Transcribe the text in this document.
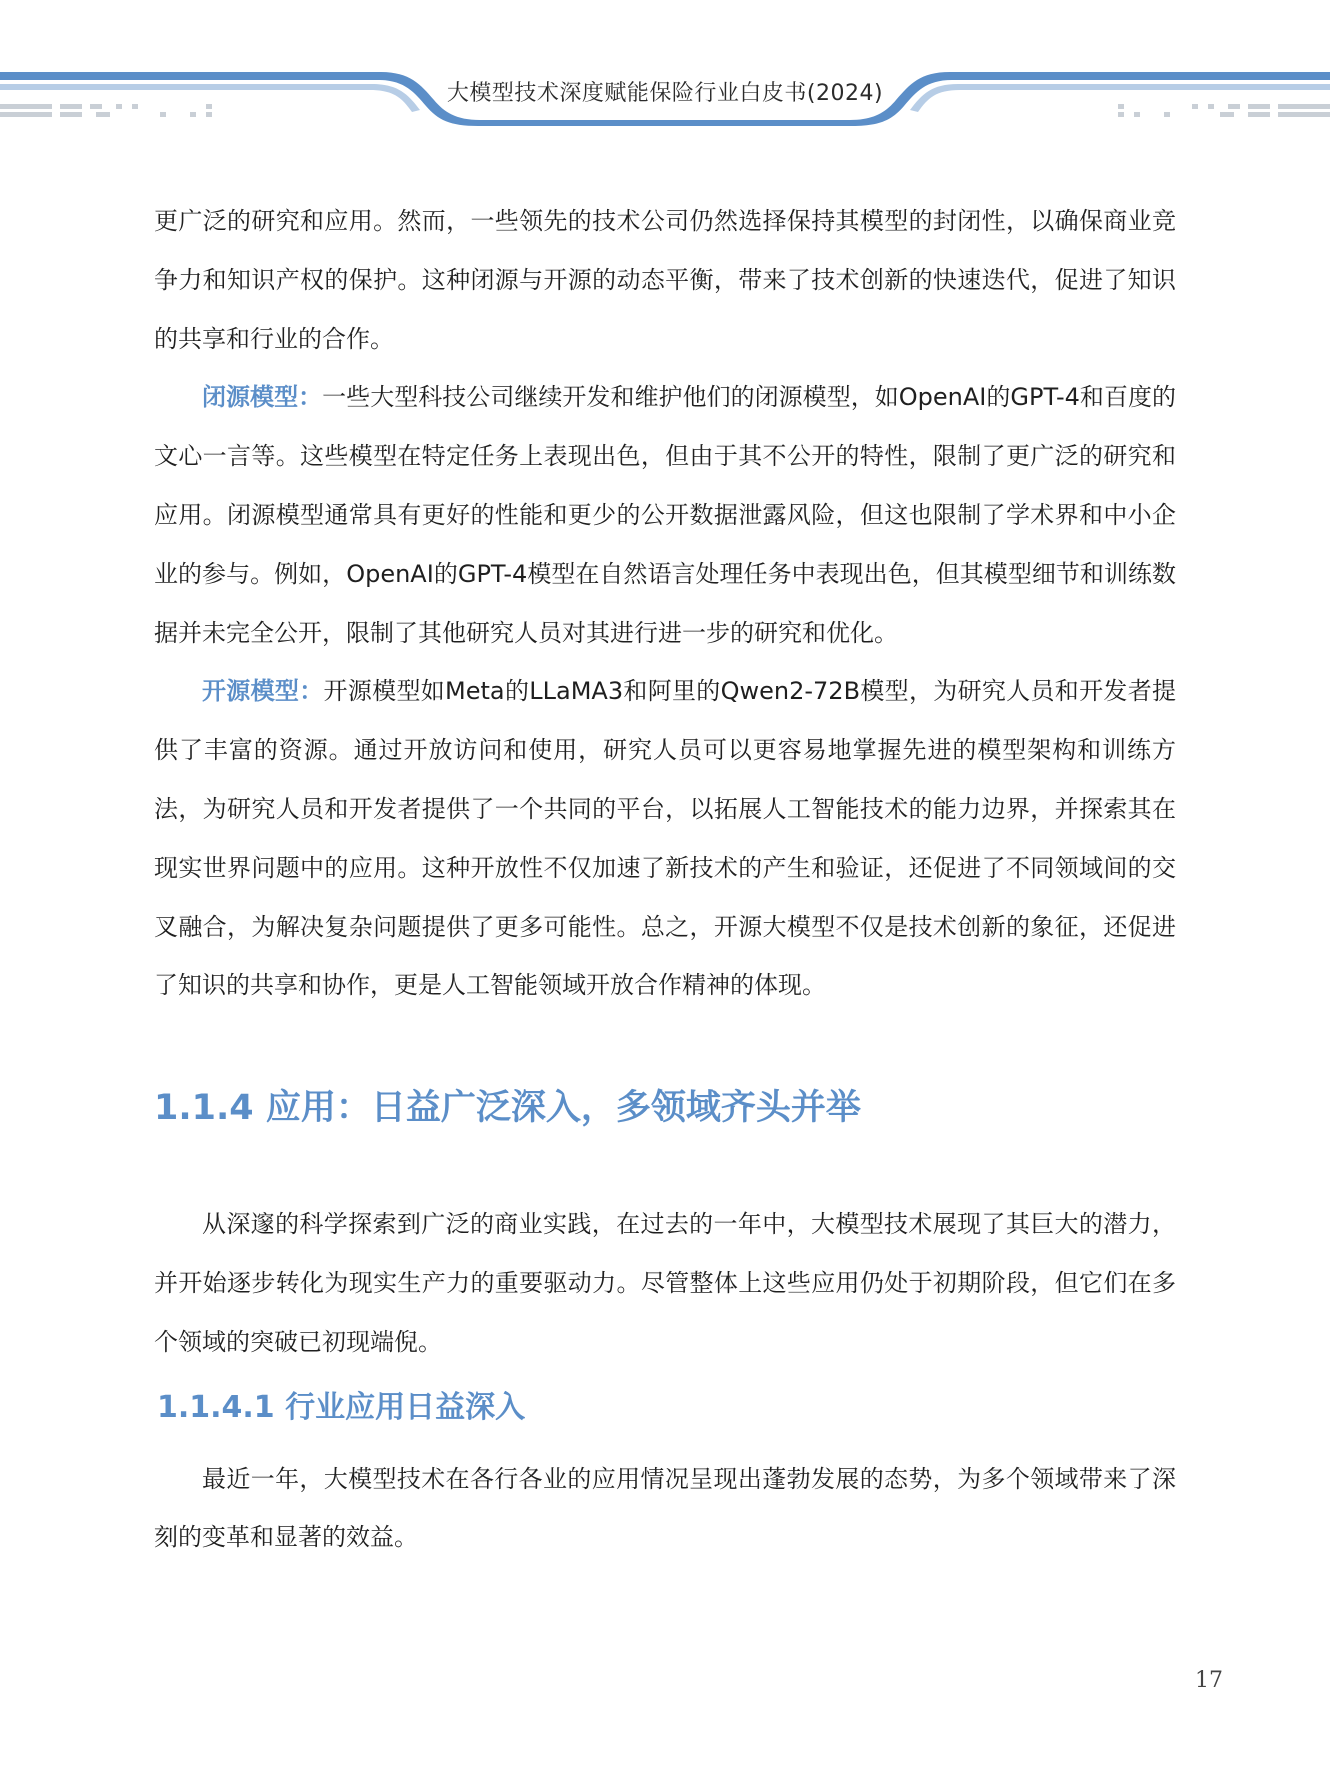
大模型技术深度赋能保险行业白皮书(2024)

更广泛的研究和应用。然而，一些领先的技术公司仍然选择保持其模型的封闭性，以确保商业竞争力和知识产权的保护。这种闭源与开源的动态平衡，带来了技术创新的快速迭代，促进了知识的共享和行业的合作。

闭源模型：一些大型科技公司继续开发和维护他们的闭源模型，如OpenAI的GPT-4和百度的文心一言等。这些模型在特定任务上表现出色，但由于其不公开的特性，限制了更广泛的研究和应用。闭源模型通常具有更好的性能和更少的公开数据泄露风险，但这也限制了学术界和中小企业的参与。例如，OpenAI的GPT-4模型在自然语言处理任务中表现出色，但其模型细节和训练数据并未完全公开，限制了其他研究人员对其进行进一步的研究和优化。

开源模型：开源模型如Meta的LLaMA3和阿里的Qwen2-72B模型，为研究人员和开发者提供了丰富的资源。通过开放访问和使用，研究人员可以更容易地掌握先进的模型架构和训练方法，为研究人员和开发者提供了一个共同的平台，以拓展人工智能技术的能力边界，并探索其在现实世界问题中的应用。这种开放性不仅加速了新技术的产生和验证，还促进了不同领域间的交叉融合，为解决复杂问题提供了更多可能性。总之，开源大模型不仅是技术创新的象征，还促进了知识的共享和协作，更是人工智能领域开放合作精神的体现。

1.1.4 应用：日益广泛深入，多领域齐头并举

从深邃的科学探索到广泛的商业实践，在过去的一年中，大模型技术展现了其巨大的潜力，并开始逐步转化为现实生产力的重要驱动力。尽管整体上这些应用仍处于初期阶段，但它们在多个领域的突破已初现端倪。

1.1.4.1 行业应用日益深入

最近一年，大模型技术在各行各业的应用情况呈现出蓬勃发展的态势，为多个领域带来了深刻的变革和显著的效益。

17
